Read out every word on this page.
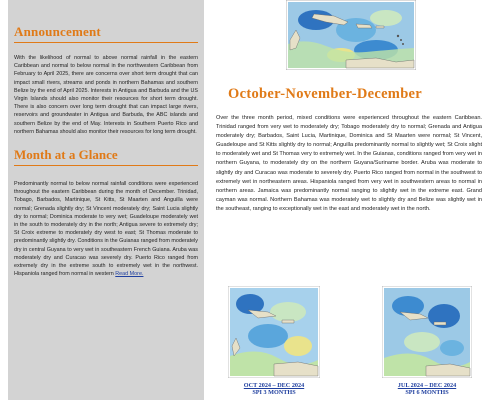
Announcement

With the likelihood of normal to above normal rainfall in the eastern Caribbean and normal to below normal in the northwestern Caribbean from February to April 2025, there are concerns over short term drought that can impact small rivers, streams and ponds in northern Bahamas and southern Belize by the end of April 2025. Interests in Antigua and Barbuda and the US Virgin Islands should also monitor their resources for short term drought. There is also concern over long term drought that can impact large rivers, reservoirs and groundwater in Antigua and Barbuda, the ABC islands and southern Belize by the end of May. Interests in Southern Puerto Rico and northern Bahamas should also monitor their resources for long term drought.

Month at a Glance

Predominantly normal to below normal rainfall conditions were experienced throughout the eastern Caribbean during the month of December. Trinidad, Tobago, Barbados, Martinique, St Kitts, St Maarten and Anguilla were normal; Grenada slightly dry; St Vincent moderately dry; Saint Lucia slightly dry to normal; Dominica moderate to very wet; Guadeloupe moderately wet in the south to moderately dry in the north; Antigua severe to extremely dry; St Croix extreme to moderately dry west to east; St Thomas moderate to predominantly slightly dry. Conditions in the Guianas ranged from moderately dry in central Guyana to very wet in southeastern French Guiana. Aruba was moderately dry and Curacao was severely dry. Puerto Rico ranged from extremely dry in the extreme south to extremely wet in the northwest. Hispaniola ranged from normal in western Read More.

October-November-December

Over the three month period, mixed conditions were experienced throughout the eastern Caribbean. Trinidad ranged from very wet to moderately dry; Tobago moderately dry to normal; Grenada and Antigua moderately dry; Barbados, Saint Lucia, Martinique, Dominica and St Maarten were normal; St Vincent, Guadeloupe and St Kitts slightly dry to normal; Anguilla predominantly normal to slightly wet; St Croix slight to moderately wet and St Thomas very to extremely wet. In the Guianas, conditions ranged from very wet in northern Guyana, to moderately dry on the northern Guyana/Suriname border. Aruba was moderate to slightly dry and Curacao was moderate to severely dry. Puerto Rico ranged from normal in the southwest to extremely wet in northeastern areas. Hispaniola ranged from very wet in southwestern areas to normal in northern areas. Jamaica was predominantly normal ranging to slightly wet in the extreme east. Grand cayman was normal. Northern Bahamas was moderately wet to slightly dry and Belize was slightly wet in the southeast, ranging to exceptionally wet in the east and moderately wet in the north.

OCT 2024 – DEC 2024
SPI 3 MONTHS
JUL 2024 – DEC 2024
SPI 6 MONTHS
